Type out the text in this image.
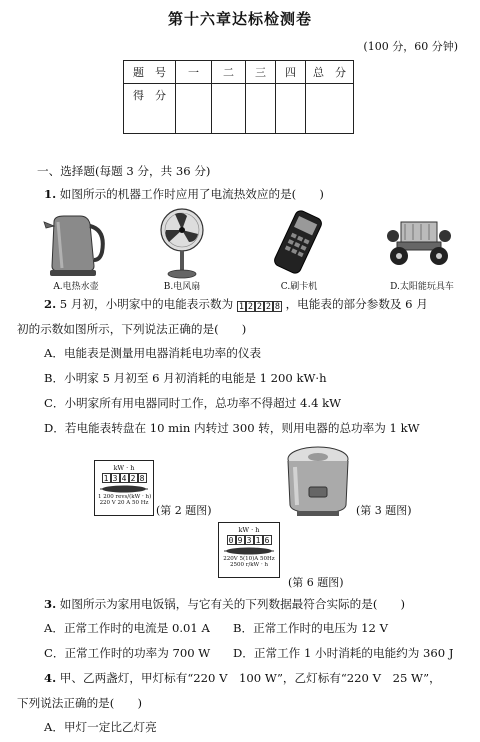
第十六章达标检测卷
(100 分，60 分钟)
题　号	一	二	三	四	总　分
得　分					
一、选择题(每题 3 分，共 36 分)
1. 如图所示的机器工作时应用了电流热效应的是(　　)
A.电热水壶	B.电风扇	C.刷卡机	D.太阳能玩具车
2. 5 月初，小明家中的电能表示数为 1 2 2 2 8 ，电能表的部分参数及 6 月
初的示数如图所示，下列说法正确的是(　　)
A．电能表是测量用电器消耗电功率的仪表
B．小明家 5 月初至 6 月初消耗的电能是 1 200 kW·h
C．小明家所有用电器同时工作，总功率不得超过 4.4 kW
D．若电能表转盘在 10 min 内转过 300 转，则用电器的总功率为 1 kW
kW · h
1 3 4 2 8
1 200 revs/(kW · h)
220 V 20 A 50 Hz
(第 2 题图)	(第 3 题图)
kW · h
0 9 3 1 6
220V 5(10)A 50Hz
2500 r/kW · h
(第 6 题图)
3. 如图所示为家用电饭锅，与它有关的下列数据最符合实际的是(　　)
A．正常工作时的电流是 0.01 A B．正常工作时的电压为 12 V
C．正常工作时的功率为 700 W D．正常工作 1 小时消耗的电能约为 360 J
4. 甲、乙两盏灯，甲灯标有“220 V　100 W”，乙灯标有“220 V　25 W”，
下列说法正确的是(　　)
A．甲灯一定比乙灯亮
